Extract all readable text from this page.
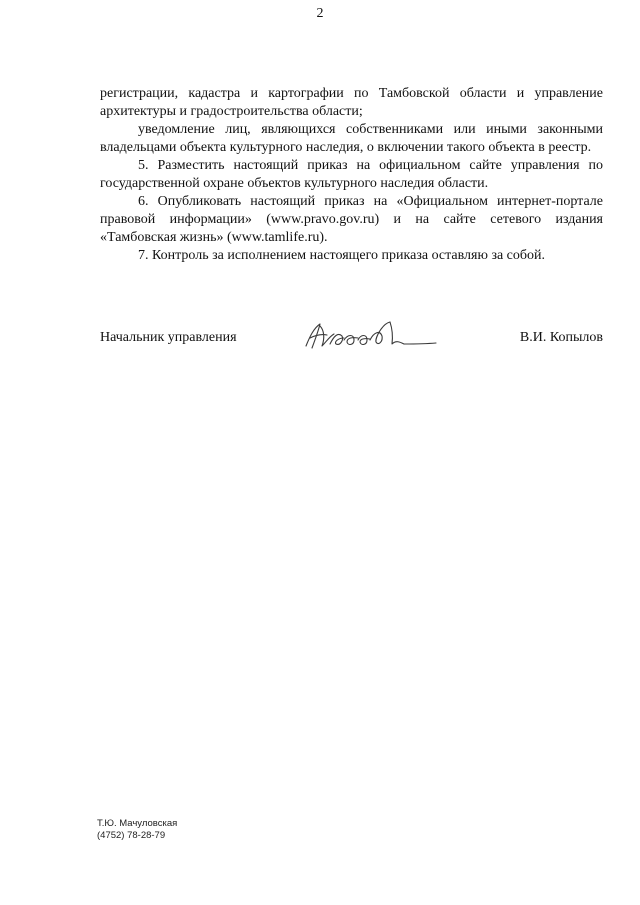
2

регистрации, кадастра и картографии по Тамбовской области и управление архитектуры и градостроительства области;

уведомление лиц, являющихся собственниками или иными законными владельцами объекта культурного наследия, о включении такого объекта в реестр.

5. Разместить настоящий приказ на официальном сайте управления по государственной охране объектов культурного наследия области.

6. Опубликовать настоящий приказ на «Официальном интернет-портале правовой информации» (www.pravo.gov.ru) и на сайте сетевого издания «Тамбовская жизнь» (www.tamlife.ru).

7. Контроль за исполнением настоящего приказа оставляю за собой.

Начальник управления	В.И. Копылов
Т.Ю. Мачуловская
(4752) 78-28-79
